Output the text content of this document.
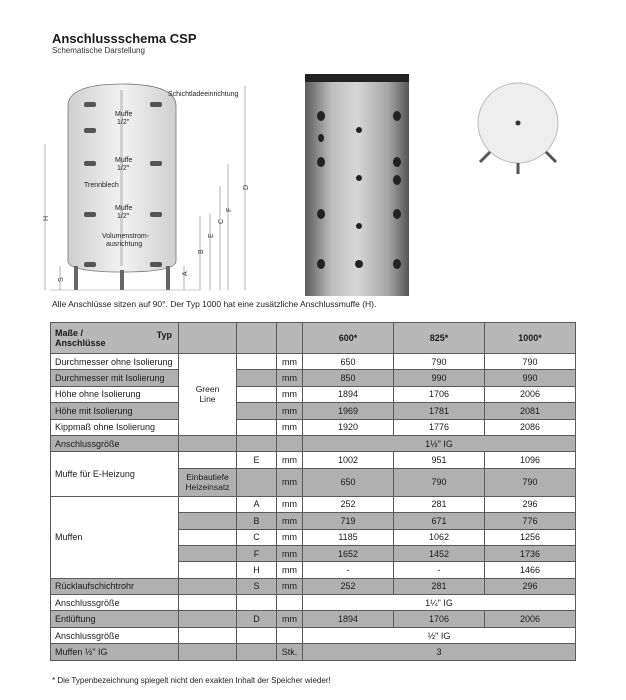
Anschlussschema CSP
Schematische Darstellung
H
S
A
B
E
C
F
D
Schichtladeeinrichtung
Muffe
1/2"
Muffe
1/2"
Trennblech
Muffe
1/2"
Volumenstrom-
ausrichtung
Alle Anschlüsse sitzen auf 90°. Der Typ 1000 hat eine zusätzliche Anschlussmuffe (H).
Maße /
Anschlüsse
Typ				600*	825*	1000*
Durchmesser ohne Isolierung	Green
Line		mm	650	790	790
Durchmesser mit Isolierung			mm	850	990	990
Höhe ohne Isolierung			mm	1894	1706	2006
Höhe mit Isolierung			mm	1969	1781	2081
Kippmaß ohne Isolierung			mm	1920	1776	2086
Anschlussgröße				1½" IG		
Muffe für E-Heizung		E	mm	1002	951	1096
	Einbautiefe
Heizeinsatz		mm	650	790	790
Muffen		A	mm	252	281	296
		B	mm	719	671	776
		C	mm	1185	1062	1256
		F	mm	1652	1452	1736
		H	mm	-	-	1466
Rücklaufschichtrohr		S	mm	252	281	296
Anschlussgröße				1¼" IG		
Entlüftung		D	mm	1894	1706	2006
Anschlussgröße				½" IG		
Muffen ½" IG			Stk.	3		
* Die Typenbezeichnung spiegelt nicht den exakten Inhalt der Speicher wieder!
